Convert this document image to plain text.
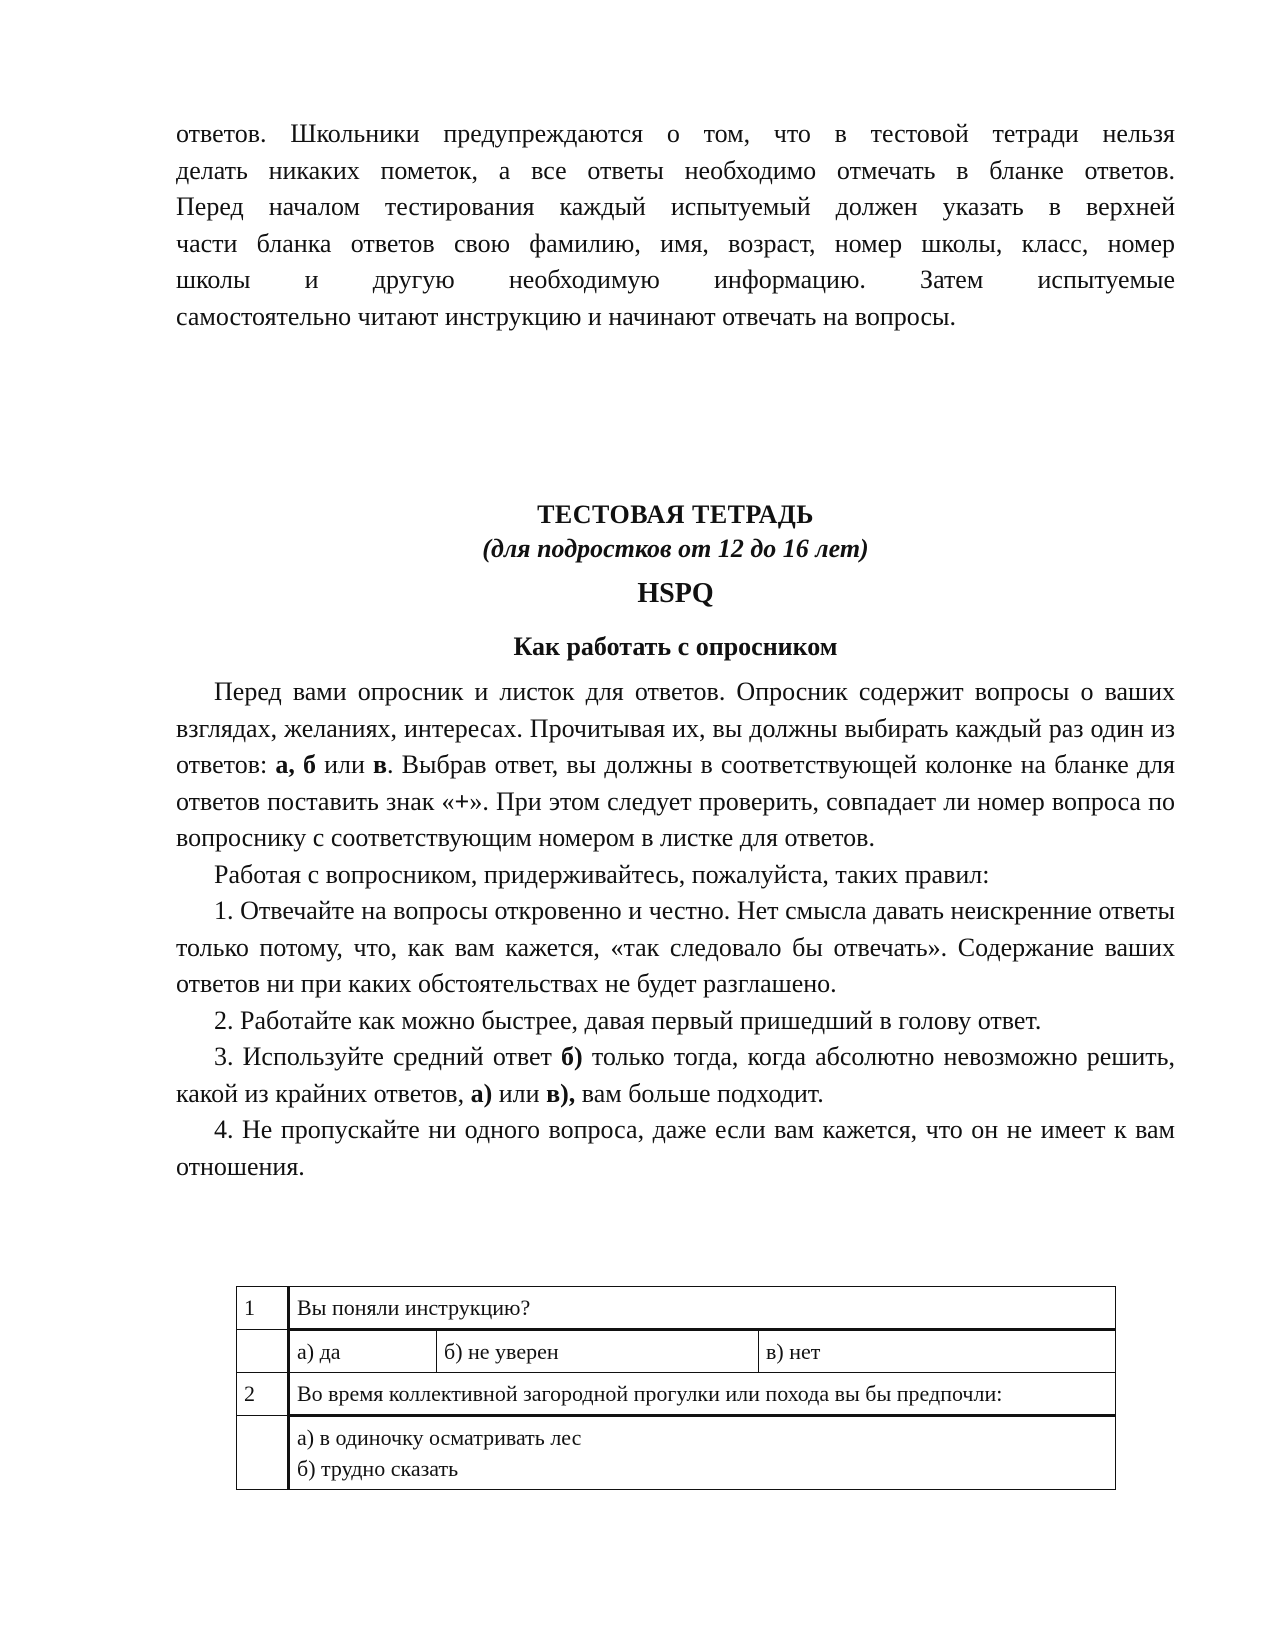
ответов. Школьники предупреждаются о том, что в тестовой тетради нельзя
делать никаких пометок, а все ответы необходимо отмечать в бланке ответов.
Перед началом тестирования каждый испытуемый должен указать в верхней
части бланка ответов свою фамилию, имя, возраст, номер школы, класс, номер
школы и другую необходимую информацию. Затем испытуемые
самостоятельно читают инструкцию и начинают отвечать на вопросы.
ТЕСТОВАЯ ТЕТРАДЬ
(для подростков от 12 до 16 лет)
HSPQ
Как работать с опросником

Перед вами опросник и листок для ответов. Опросник содержит вопросы о ваших взглядах, желаниях, интересах. Прочитывая их, вы должны выбирать каждый раз один из ответов: а, б или в. Выбрав ответ, вы должны в соответствующей колонке на бланке для ответов поставить знак «+». При этом следует проверить, совпадает ли номер вопроса по вопроснику с соответствующим номером в листке для ответов.

Работая с вопросником, придерживайтесь, пожалуйста, таких правил:

1. Отвечайте на вопросы откровенно и честно. Нет смысла давать неискренние ответы только потому, что, как вам кажется, «так следовало бы отвечать». Содержание ваших ответов ни при каких обстоятельствах не будет разглашено.

2. Работайте как можно быстрее, давая первый пришедший в голову ответ.

3. Используйте средний ответ б) только тогда, когда абсолютно невозможно решить, какой из крайних ответов, а) или в), вам больше подходит.

4. Не пропускайте ни одного вопроса, даже если вам кажется, что он не имеет к вам отношения.

1	Вы поняли инструкцию?		
	а) да	б) не уверен	в) нет
2	Во время коллективной загородной прогулки или похода вы бы предпочли:		

	а) в одиночку осматривать лес
б) трудно сказать		
